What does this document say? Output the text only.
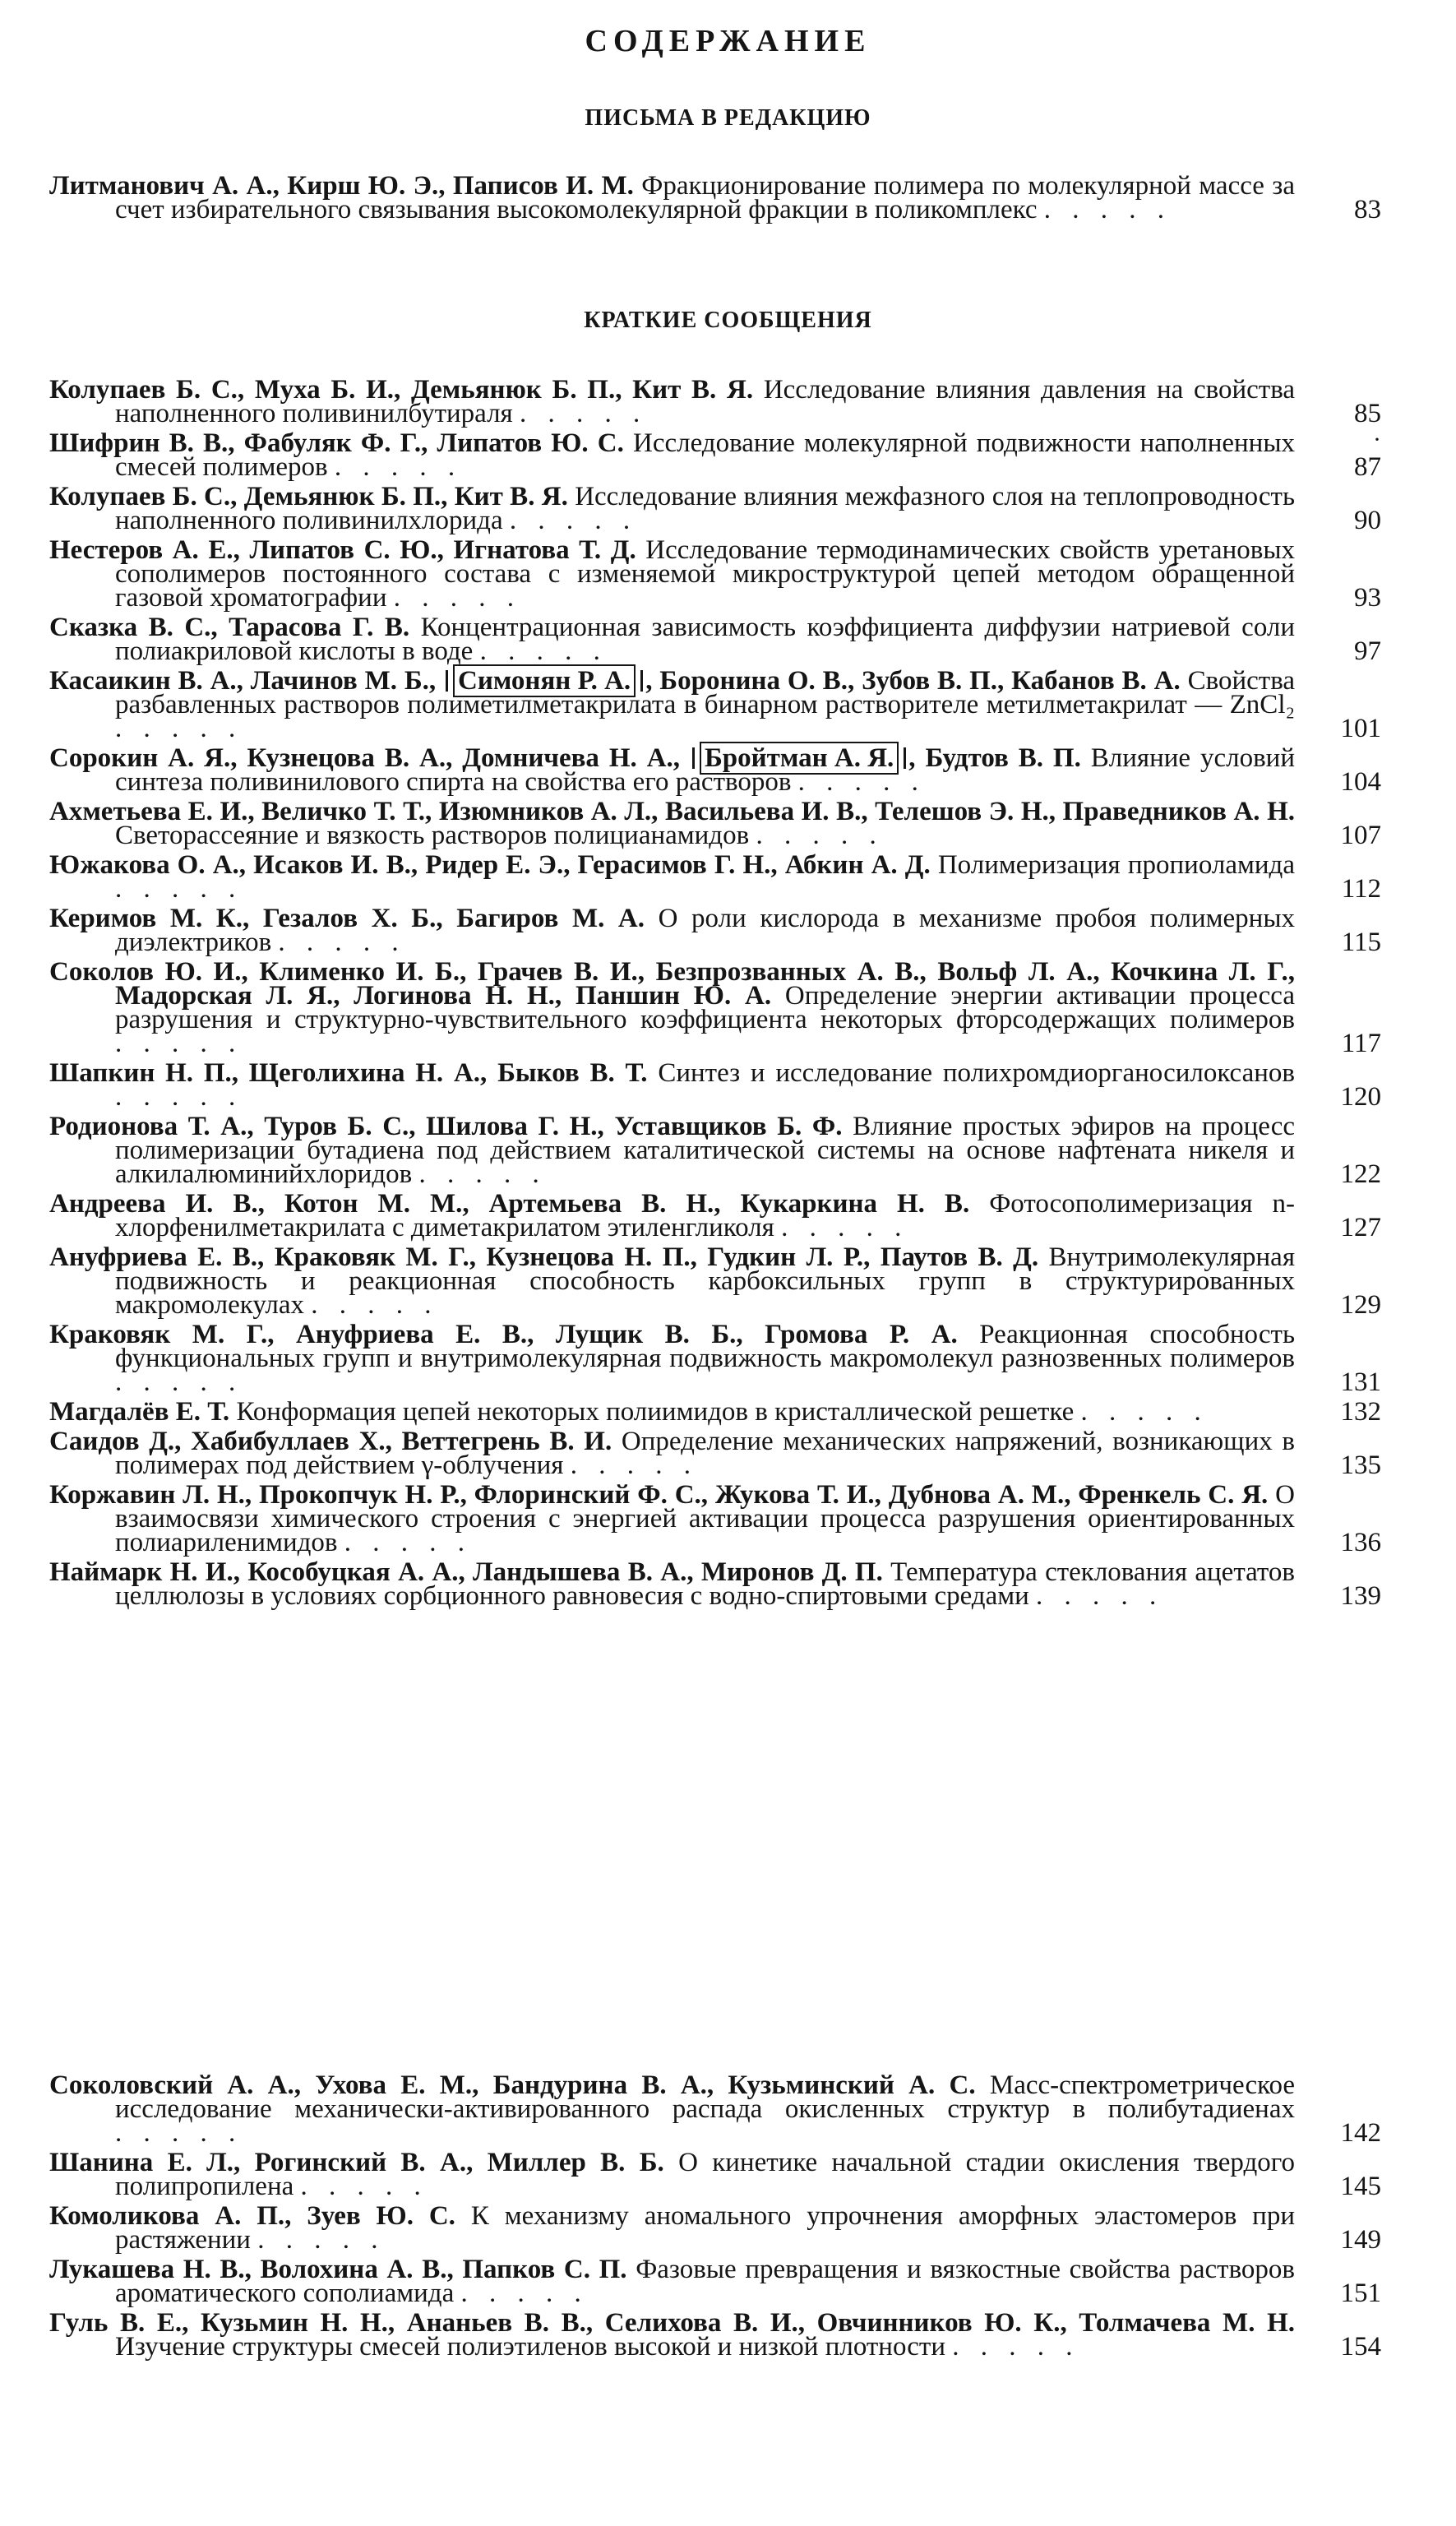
СОДЕРЖАНИЕ
ПИСЬМА В РЕДАКЦИЮ
Литманович А. А., Кирш Ю. Э., Паписов И. М. Фракционирование полимера по молекулярной массе за счет избирательного связывания высокомолекулярной фракции в поликомплекс . . . . .	83
КРАТКИЕ СООБЩЕНИЯ
Колупаев Б. С., Муха Б. И., Демьянюк Б. П., Кит В. Я. Исследование влияния давления на свойства наполненного поливинилбутираля . . . . .	85
Шифрин В. В., Фабуляк Ф. Г., Липатов Ю. С. Исследование молекулярной подвижности наполненных смесей полимеров . . . . .	87
·
Колупаев Б. С., Демьянюк Б. П., Кит В. Я. Исследование влияния межфазного слоя на теплопроводность наполненного поливинилхлорида . . . . .	90
Нестеров А. Е., Липатов С. Ю., Игнатова Т. Д. Исследование термодинамических свойств уретановых сополимеров постоянного состава с изменяемой микроструктурой цепей методом обращенной газовой хроматографии . . . . .	93
Сказка В. С., Тарасова Г. В. Концентрационная зависимость коэффициента диффузии натриевой соли полиакриловой кислоты в воде . . . . .	97
Касаикин В. А., Лачинов М. Б., Симонян Р. А. , Боронина О. В., Зубов В. П., Кабанов В. А. Свойства разбавленных растворов полиметилметакрилата в бинарном растворителе метилметакрилат — ZnCl₂ . . . . .	101
Сорокин А. Я., Кузнецова В. А., Домничева Н. А., Бройтман А. Я. , Будтов В. П. Влияние условий синтеза поливинилового спирта на свойства его растворов . . . . .	104
Ахметьева Е. И., Величко Т. Т., Изюмников А. Л., Васильева И. В., Телешов Э. Н., Праведников А. Н. Светорассеяние и вязкость растворов полицианамидов . . . . .	107
Южакова О. А., Исаков И. В., Ридер Е. Э., Герасимов Г. Н., Абкин А. Д. Полимеризация пропиоламида . . . . .	112
Керимов М. К., Гезалов Х. Б., Багиров М. А. О роли кислорода в механизме пробоя полимерных диэлектриков . . . . .	115
Соколов Ю. И., Клименко И. Б., Грачев В. И., Безпрозванных А. В., Вольф Л. А., Кочкина Л. Г., Мадорская Л. Я., Логинова Н. Н., Паншин Ю. А. Определение энергии активации процесса разрушения и структурно-чувствительного коэффициента некоторых фторсодержащих полимеров . . . . .	117
Шапкин Н. П., Щеголихина Н. А., Быков В. Т. Синтез и исследование полихромдиорганосилоксанов . . . . .	120
Родионова Т. А., Туров Б. С., Шилова Г. Н., Уставщиков Б. Ф. Влияние простых эфиров на процесс полимеризации бутадиена под действием каталитической системы на основе нафтената никеля и алкилалюминийхлоридов . . . . .	122
Андреева И. В., Котон М. М., Артемьева В. Н., Кукаркина Н. В. Фотосополимеризация n-хлорфенилметакрилата с диметакрилатом этиленгликоля . . . . .	127
Ануфриева Е. В., Краковяк М. Г., Кузнецова Н. П., Гудкин Л. Р., Паутов В. Д. Внутримолекулярная подвижность и реакционная способность карбоксильных групп в структурированных макромолекулах . . . . .	129
Краковяк М. Г., Ануфриева Е. В., Лущик В. Б., Громова Р. А. Реакционная способность функциональных групп и внутримолекулярная подвижность макромолекул разнозвенных полимеров . . . . .	131
Магдалёв Е. Т. Конформация цепей некоторых полиимидов в кристаллической решетке . . . . .	132
Саидов Д., Хабибуллаев Х., Веттегрень В. И. Определение механических напряжений, возникающих в полимерах под действием γ-облучения . . . . .	135
Коржавин Л. Н., Прокопчук Н. Р., Флоринский Ф. С., Жукова Т. И., Дубнова А. М., Френкель С. Я. О взаимосвязи химического строения с энергией активации процесса разрушения ориентированных полиариленимидов . . . . .	136
Наймарк Н. И., Кособуцкая А. А., Ландышева В. А., Миронов Д. П. Температура стеклования ацетатов целлюлозы в условиях сорбционного равновесия с водно-спиртовыми средами . . . . .	139
Соколовский А. А., Ухова Е. М., Бандурина В. А., Кузьминский А. С. Масс-спектрометрическое исследование механически-активированного распада окисленных структур в полибутадиенах . . . . .	142
Шанина Е. Л., Рогинский В. А., Миллер В. Б. О кинетике начальной стадии окисления твердого полипропилена . . . . .	145
Комоликова А. П., Зуев Ю. С. К механизму аномального упрочнения аморфных эластомеров при растяжении . . . . .	149
Лукашева Н. В., Волохина А. В., Папков С. П. Фазовые превращения и вязкостные свойства растворов ароматического сополиамида . . . . .	151
Гуль В. Е., Кузьмин Н. Н., Ананьев В. В., Селихова В. И., Овчинников Ю. К., Толмачева М. Н. Изучение структуры смесей полиэтиленов высокой и низкой плотности . . . . .	154
